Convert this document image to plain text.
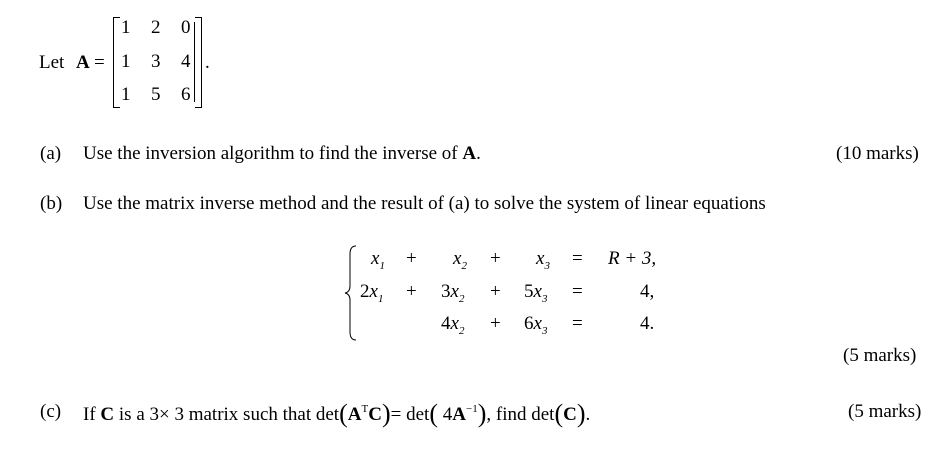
Let A =
1 2 0
1 3 4
1 5 6
.
(a) Use the inversion algorithm to find the inverse of A.	(10 marks)
(b) Use the matrix inverse method and the result of (a) to solve the system of linear equations
$x_1 + x_2 + x_3 = R + 3$,
$2x_1 + 3x_2 + 5x_3$ =	4,
$4x_2 + 6x_3$ =	4.
(5 marks)
(c) If C is a 3× 3 matrix such that $\det(A^TC)= \det$( $4A^{-1}$), find det(C).	(5 marks)
